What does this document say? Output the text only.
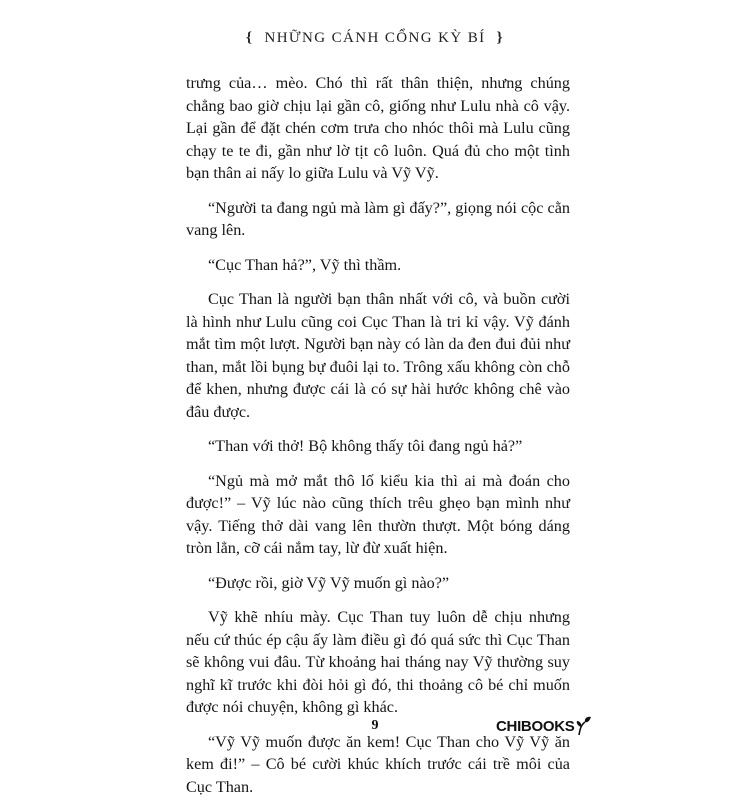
{ NHỮNG CÁNH CỔNG KỲ BÍ }

trưng của… mèo. Chó thì rất thân thiện, nhưng chúng chẳng bao giờ chịu lại gần cô, giống như Lulu nhà cô vậy. Lại gần để đặt chén cơm trưa cho nhóc thôi mà Lulu cũng chạy te te đi, gần như lờ tịt cô luôn. Quá đủ cho một tình bạn thân ai nấy lo giữa Lulu và Vỹ Vỹ.

“Người ta đang ngủ mà làm gì đấy?”, giọng nói cộc cằn vang lên.

“Cục Than hả?”, Vỹ thì thầm.

Cục Than là người bạn thân nhất với cô, và buồn cười là hình như Lulu cũng coi Cục Than là tri kỉ vậy. Vỹ đánh mắt tìm một lượt. Người bạn này có làn da đen đui đủi như than, mắt lồi bụng bự đuôi lại to. Trông xấu không còn chỗ để khen, nhưng được cái là có sự hài hước không chê vào đâu được.

“Than với thở! Bộ không thấy tôi đang ngủ hả?”

“Ngủ mà mở mắt thô lố kiểu kia thì ai mà đoán cho được!” – Vỹ lúc nào cũng thích trêu ghẹo bạn mình như vậy. Tiếng thở dài vang lên thườn thượt. Một bóng dáng tròn lẳn, cỡ cái nắm tay, lừ đừ xuất hiện.

“Được rồi, giờ Vỹ Vỹ muốn gì nào?”

Vỹ khẽ nhíu mày. Cục Than tuy luôn dễ chịu nhưng nếu cứ thúc ép cậu ấy làm điều gì đó quá sức thì Cục Than sẽ không vui đâu. Từ khoảng hai tháng nay Vỹ thường suy nghĩ kĩ trước khi đòi hỏi gì đó, thi thoảng cô bé chỉ muốn được nói chuyện, không gì khác.

“Vỹ Vỹ muốn được ăn kem! Cục Than cho Vỹ Vỹ ăn kem đi!” – Cô bé cười khúc khích trước cái trề môi của Cục Than.

9	CHIBOOKS
